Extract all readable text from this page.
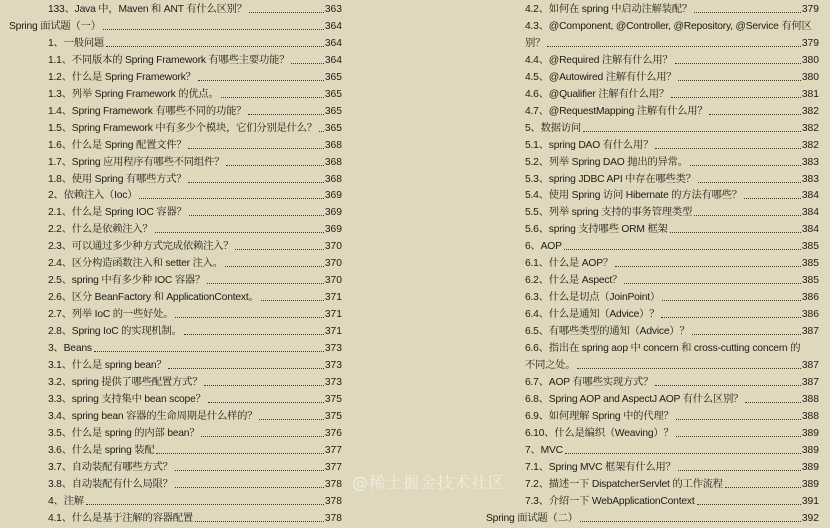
133、Java 中，Maven 和 ANT 有什么区别？	363
Spring 面试题（一）	364
1、一般问题	364
1.1、不同版本的 Spring Framework 有哪些主要功能？	364
1.2、什么是 Spring Framework？	365
1.3、列举 Spring Framework 的优点。	365
1.4、Spring Framework 有哪些不同的功能？	365
1.5、Spring Framework 中有多少个模块，它们分别是什么？ 365
1.6、什么是 Spring 配置文件？	368
1.7、Spring 应用程序有哪些不同组件？	368
1.8、使用 Spring 有哪些方式？	368
2、依赖注入（Ioc）	369
2.1、什么是 Spring IOC 容器？	369
2.2、什么是依赖注入？	369
2.3、可以通过多少种方式完成依赖注入？	370
2.4、区分构造函数注入和 setter 注入。	370
2.5、spring 中有多少种 IOC 容器？	370
2.6、区分 BeanFactory 和 ApplicationContext。	371
2.7、列举 IoC 的一些好处。	371
2.8、Spring IoC 的实现机制。	371
3、Beans	373
3.1、什么是 spring bean？	373
3.2、spring 提供了哪些配置方式？	373
3.3、spring 支持集中 bean scope？	375
3.4、spring bean 容器的生命周期是什么样的？	375
3.5、什么是 spring 的内部 bean？	376
3.6、什么是 spring 装配	377
3.7、自动装配有哪些方式？	377
3.8、自动装配有什么局限？	378
4、注解	378
4.1、什么是基于注解的容器配置	378
4.2、如何在 spring 中启动注解装配？	379
4.3、@Component, @Controller, @Repository, @Service 有何区
别？	379
4.4、@Required 注解有什么用？	380
4.5、@Autowired 注解有什么用？	380
4.6、@Qualifier 注解有什么用？	381
4.7、@RequestMapping 注解有什么用？	382
5、数据访问	382
5.1、spring DAO 有什么用？	382
5.2、列举 Spring DAO 抛出的异常。	383
5.3、spring JDBC API 中存在哪些类？	383
5.4、使用 Spring 访问 Hibernate 的方法有哪些？	384
5.5、列举 spring 支持的事务管理类型	384
5.6、spring 支持哪些 ORM 框架	384
6、AOP	385
6.1、什么是 AOP？	385
6.2、什么是 Aspect？	385
6.3、什么是切点（JoinPoint）	386
6.4、什么是通知（Advice）？	386
6.5、有哪些类型的通知（Advice）？	387
6.6、指出在 spring aop 中 concern 和 cross-cutting concern 的
不同之处。	387
6.7、AOP 有哪些实现方式？	387
6.8、Spring AOP and AspectJ AOP 有什么区别？	388
6.9、如何理解 Spring 中的代理？	388
6.10、什么是编织（Weaving）？	389
7、MVC	389
7.1、Spring MVC 框架有什么用？	389
7.2、描述一下 DispatcherServlet 的工作流程	389
7.3、介绍一下 WebApplicationContext	391
Spring 面试题（二）	392
@稀土掘金技术社区
